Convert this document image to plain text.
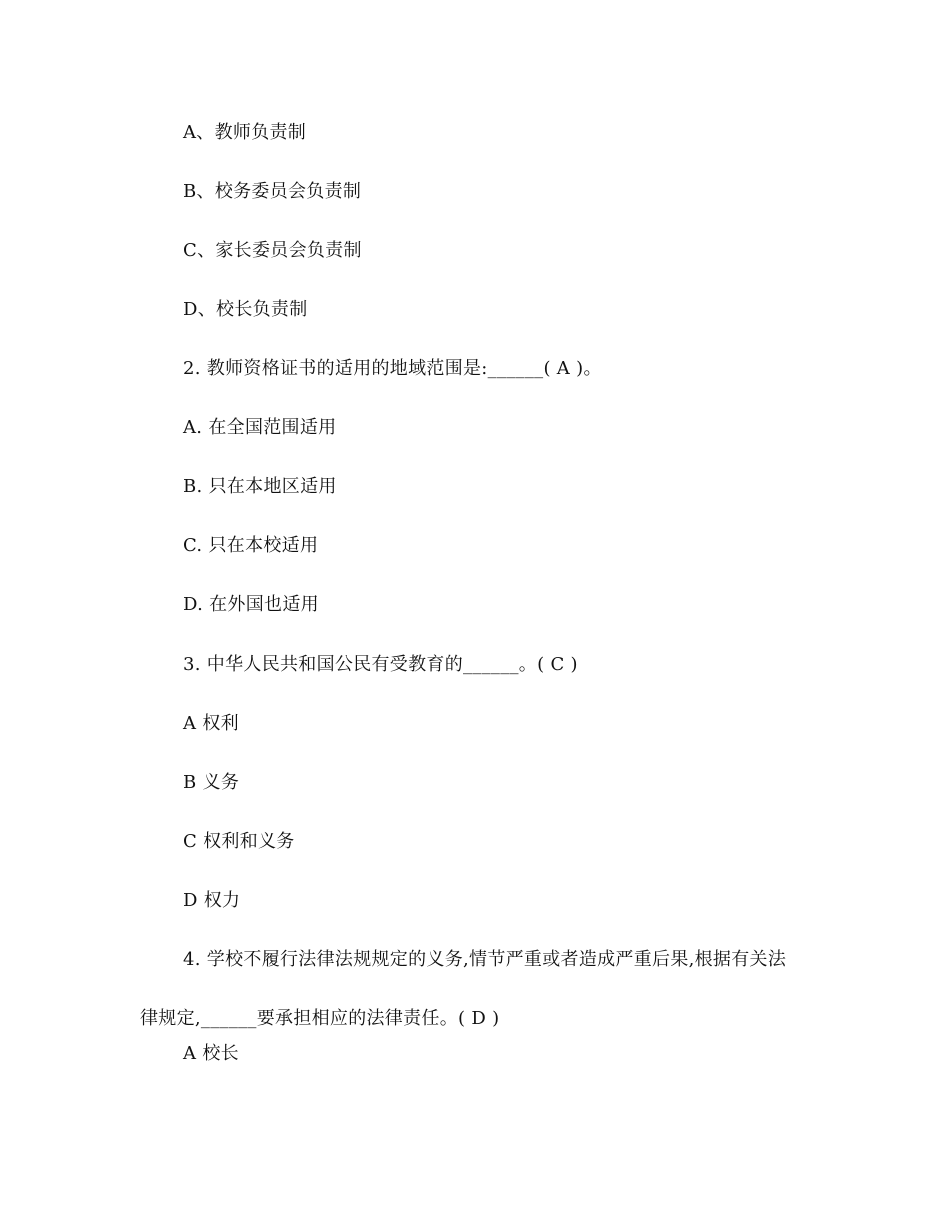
A、教师负责制
B、校务委员会负责制
C、家长委员会负责制
D、校长负责制
2. 教师资格证书的适用的地域范围是:______( A )。
A. 在全国范围适用
B. 只在本地区适用
C. 只在本校适用
D. 在外国也适用
3. 中华人民共和国公民有受教育的______。( C )
A 权利
B 义务
C 权利和义务
D 权力
4. 学校不履行法律法规规定的义务,情节严重或者造成严重后果,根据有关法
律规定,______要承担相应的法律责任。( D )
A 校长
